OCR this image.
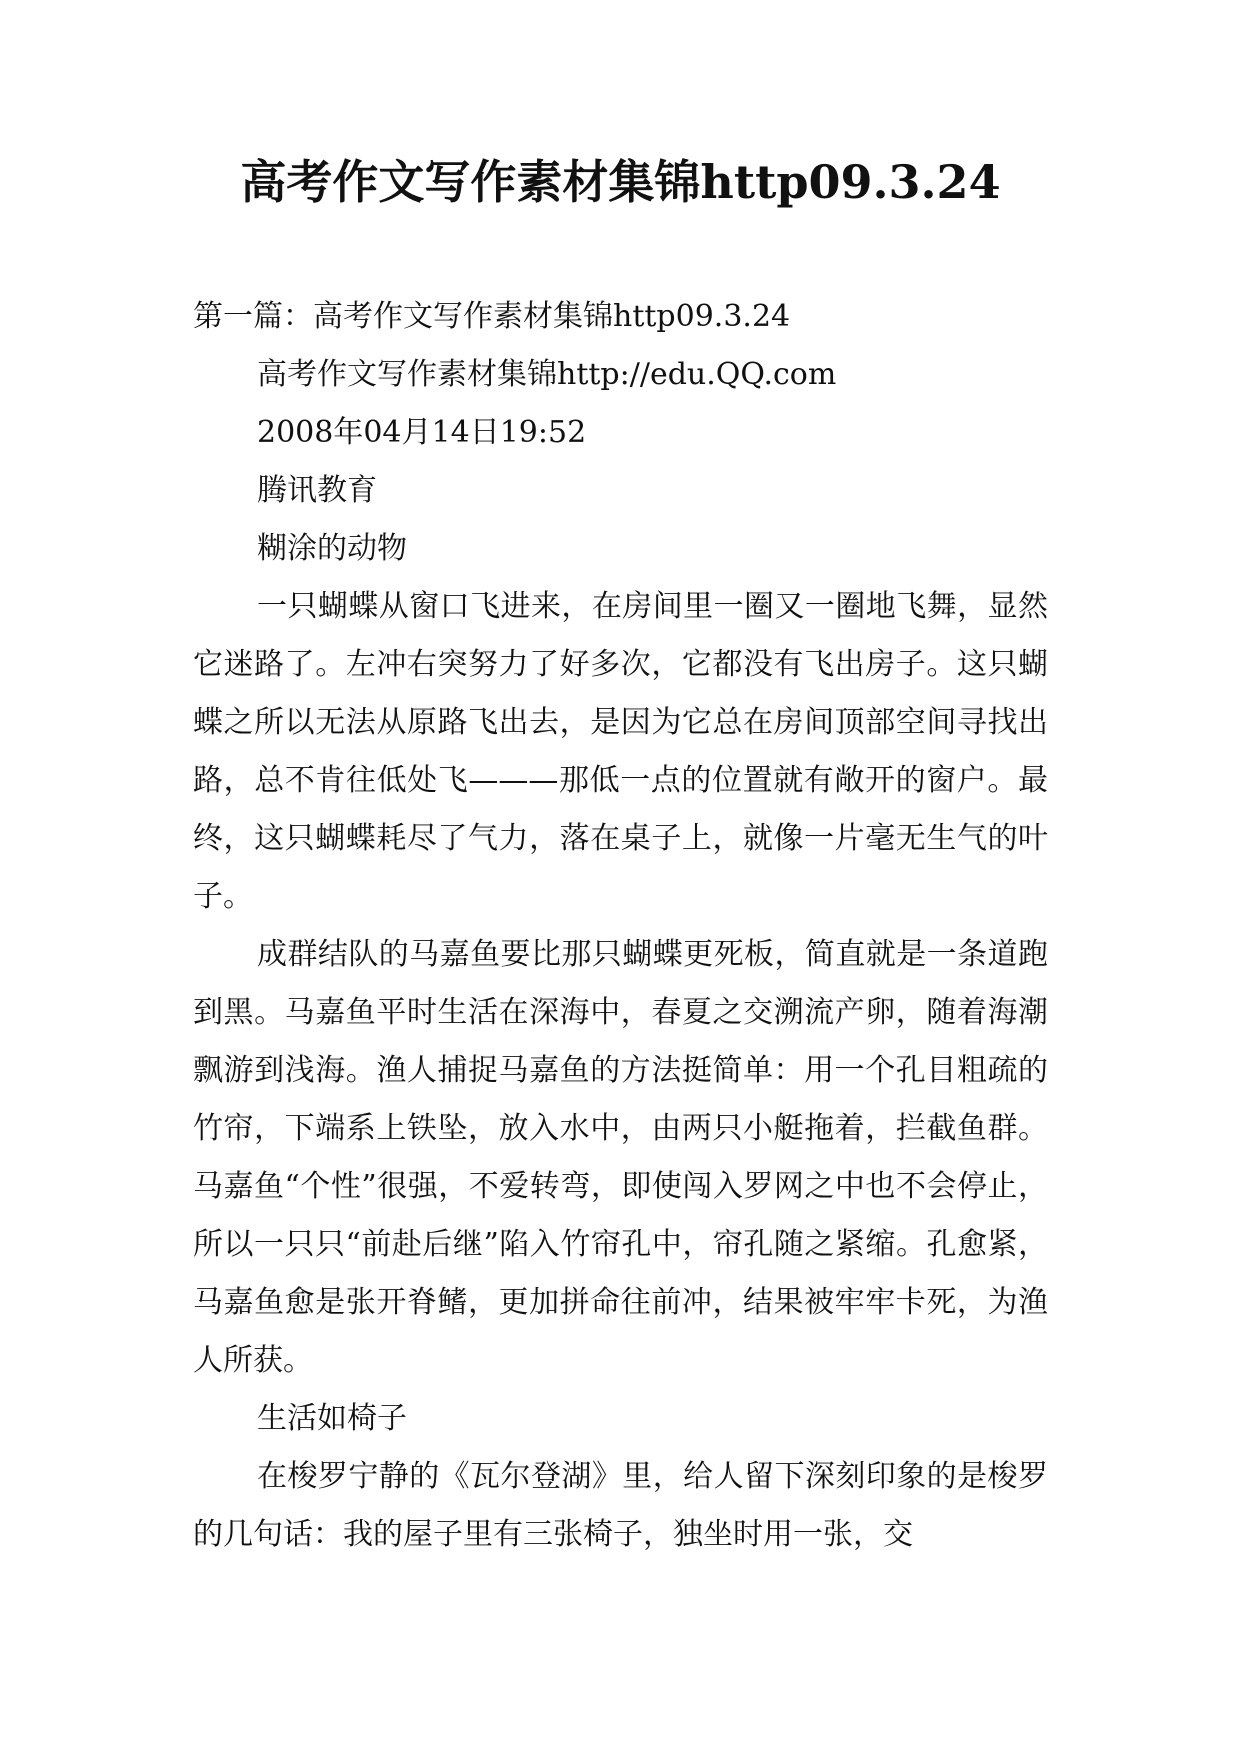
高考作文写作素材集锦http09.3.24

第一篇：高考作文写作素材集锦http09.3.24

高考作文写作素材集锦http://edu.QQ.com

2008年04月14日19:52

腾讯教育

糊涂的动物

一只蝴蝶从窗口飞进来，在房间里一圈又一圈地飞舞，显然它迷路了。左冲右突努力了好多次，它都没有飞出房子。这只蝴蝶之所以无法从原路飞出去，是因为它总在房间顶部空间寻找出路，总不肯往低处飞———那低一点的位置就有敞开的窗户。最终，这只蝴蝶耗尽了气力，落在桌子上，就像一片毫无生气的叶子。

成群结队的马嘉鱼要比那只蝴蝶更死板，简直就是一条道跑到黑。马嘉鱼平时生活在深海中，春夏之交溯流产卵，随着海潮飘游到浅海。渔人捕捉马嘉鱼的方法挺简单：用一个孔目粗疏的竹帘，下端系上铁坠，放入水中，由两只小艇拖着，拦截鱼群。马嘉鱼“个性”很强，不爱转弯，即使闯入罗网之中也不会停止，所以一只只“前赴后继”陷入竹帘孔中，帘孔随之紧缩。孔愈紧，马嘉鱼愈是张开脊鳍，更加拼命往前冲，结果被牢牢卡死，为渔人所获。

生活如椅子

在梭罗宁静的《瓦尔登湖》里，给人留下深刻印象的是梭罗的几句话：我的屋子里有三张椅子，独坐时用一张，交
